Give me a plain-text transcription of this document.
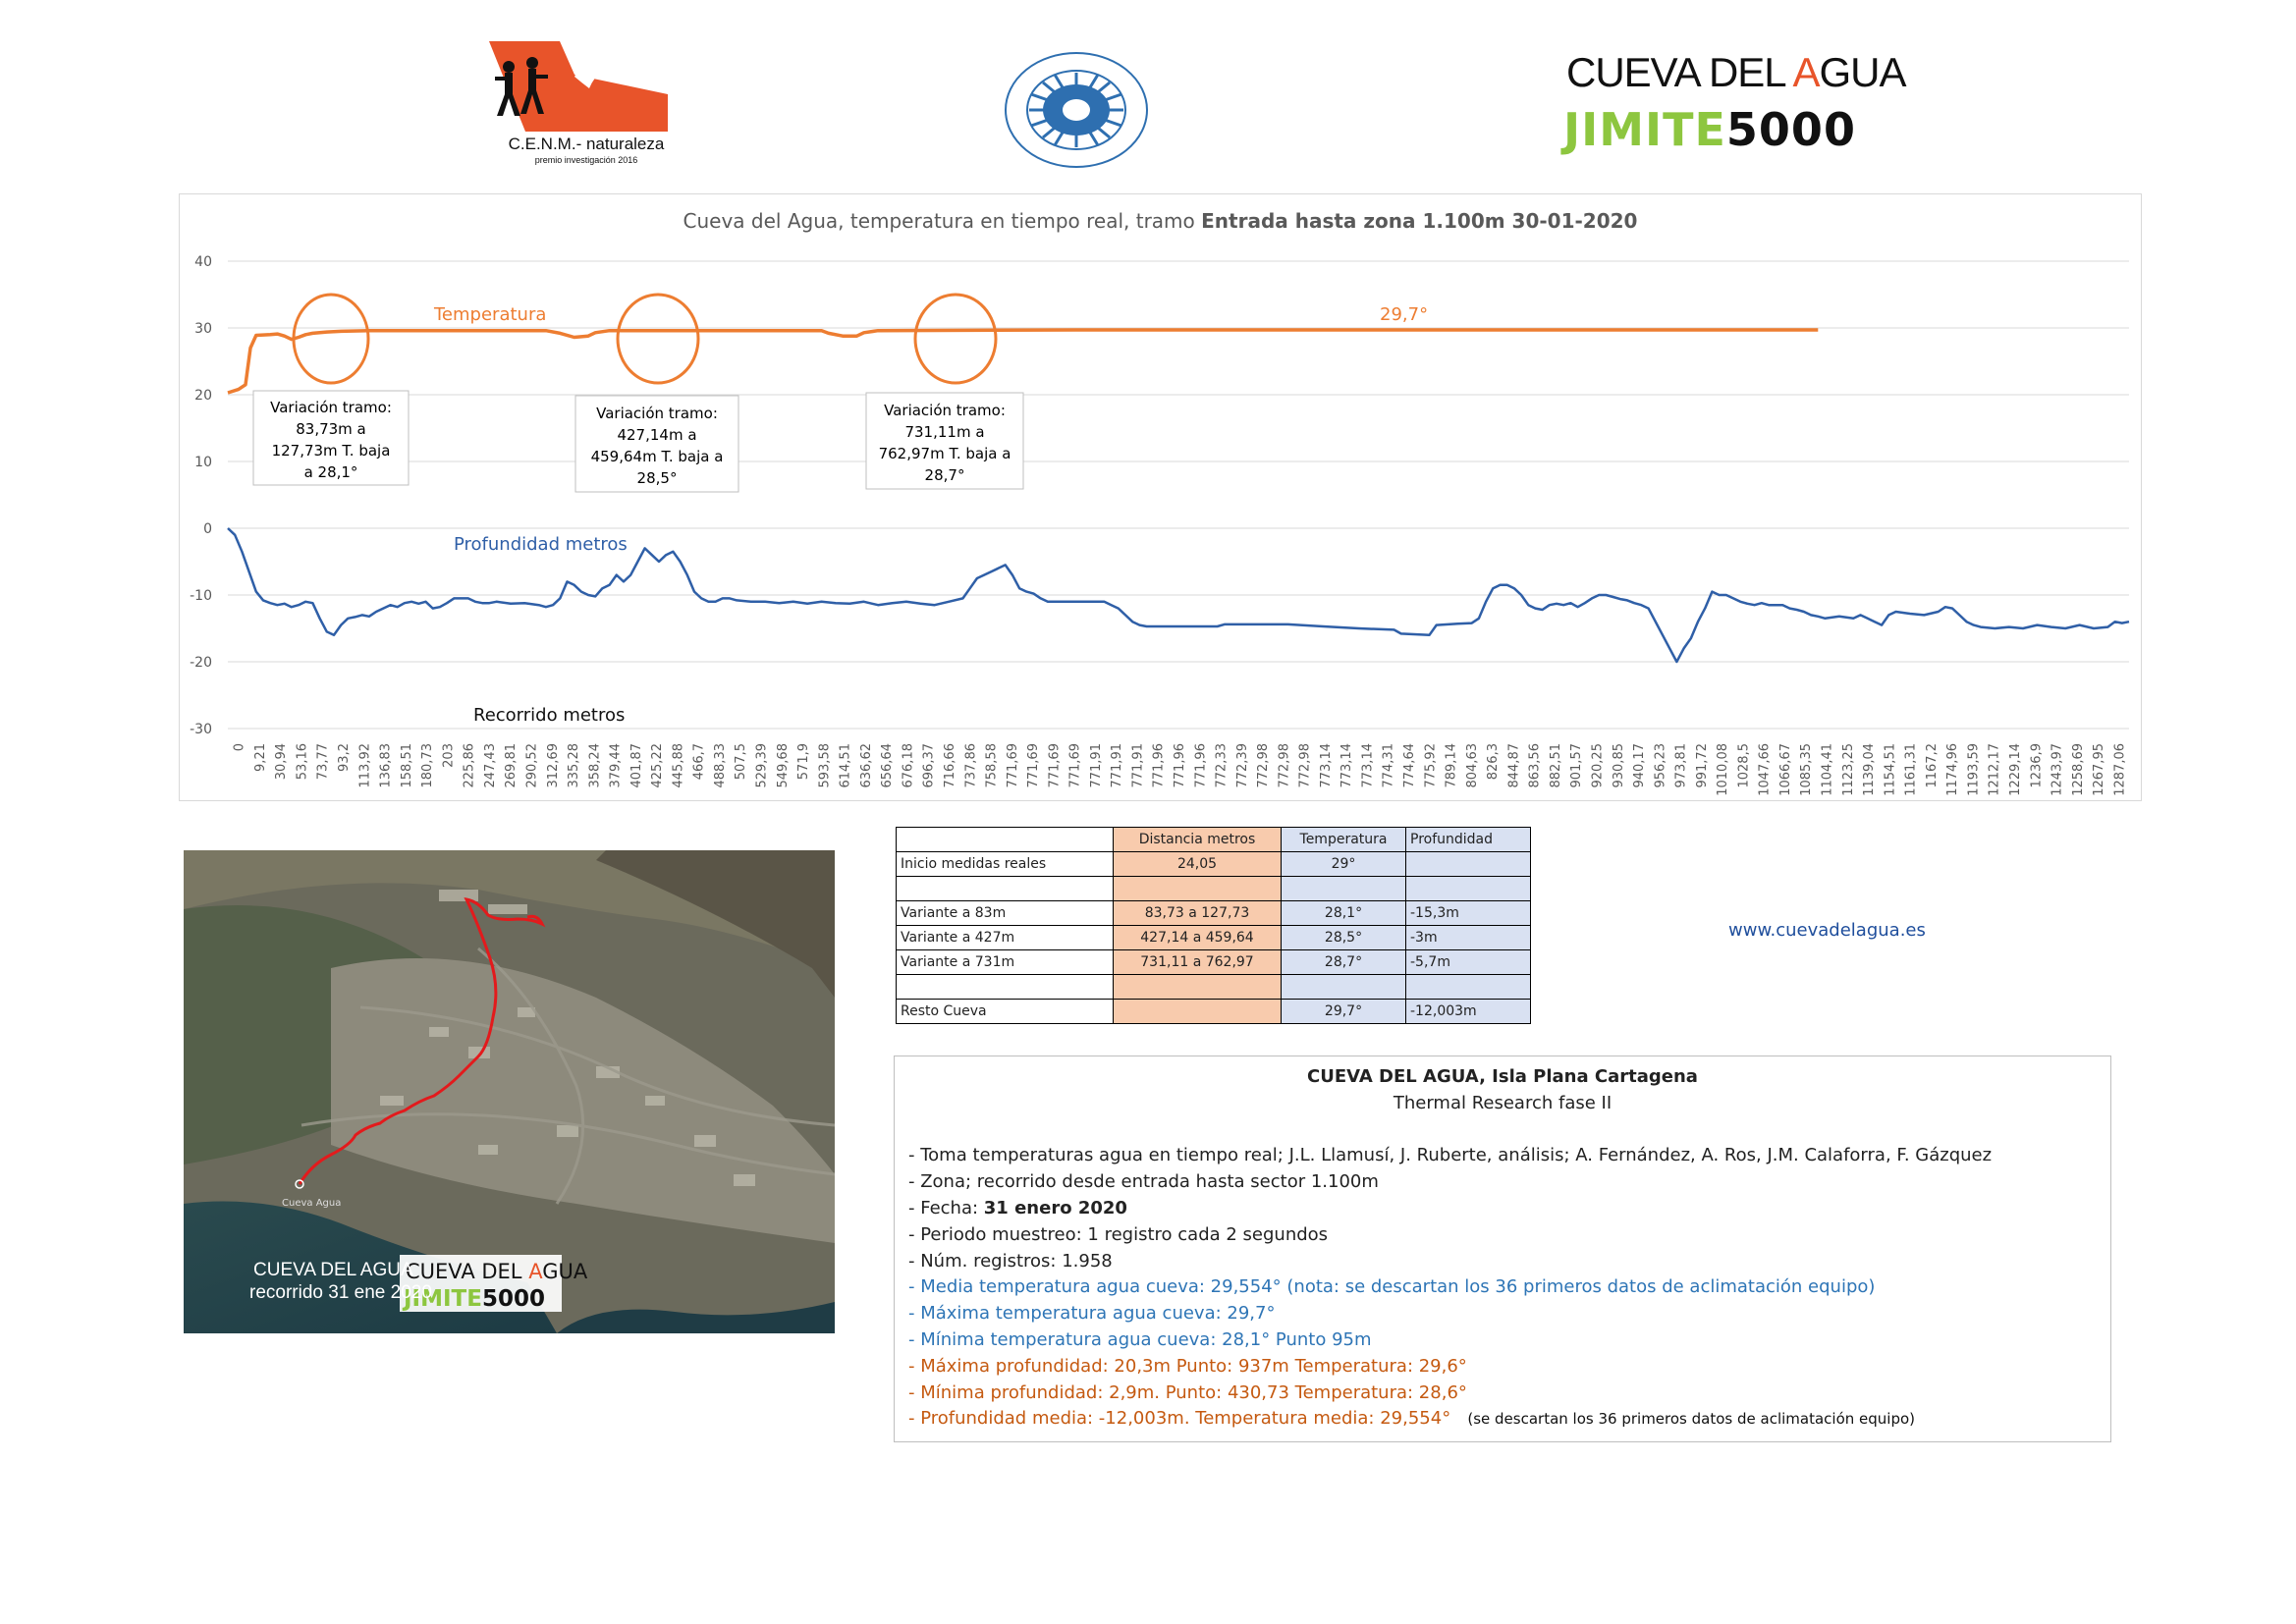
C.E.N.M.- naturaleza
premio investigación 2016
CUEVA DEL AGUA
JIMITE5000
Cueva del Agua, temperatura en tiempo real, tramo Entrada hasta zona 1.100m 30-01-2020
40
30
20
10
0
-10
-20
-30
0 9,21 30,94 53,16 73,77 93,2 113,92 136,83 158,51 180,73 203 225,86 247,43 269,81 290,52 312,69 335,28 358,24 379,44 401,87 425,22 445,88 466,7 488,33 507,5 529,39 549,68 571,9 593,58 614,51 636,62 656,64 676,18 696,37 716,66 737,86 758,58 771,69 771,69 771,69 771,69 771,91 771,91 771,91 771,96 771,96 771,96 772,33 772,39 772,98 772,98 772,98 773,14 773,14 773,14 774,31 774,64 775,92 789,14 804,63 826,3 844,87 863,56 882,51 901,57 920,25 930,85 940,17 956,23 973,81 991,72 1010,08 1028,5 1047,66 1066,67 1085,35 1104,41 1123,25 1139,04 1154,51 1161,31 1167,2 1174,96 1193,59 1212,17 1229,14 1236,9 1243,97 1258,69 1267,95 1287,06
Temperatura	29,7°
Profundidad metros
Recorrido metros
Variación tramo:
83,73m a
127,73m T. baja
a 28,1°
Variación tramo:
427,14m a
459,64m T. baja a
28,5°
Variación tramo:
731,11m a
762,97m T. baja a
28,7°
Cueva Agua
CUEVA DEL AGUA
JIMITE5000
CUEVA DEL AGUA
recorrido 31 ene 2020
	Distancia metros	Temperatura	Profundidad
Inicio medidas reales	24,05	29°	

Variante a 83m	83,73 a 127,73	28,1°	-15,3m
Variante a 427m	427,14 a 459,64	28,5°	-3m
Variante a 731m	731,11 a 762,97	28,7°	-5,7m

Resto Cueva		29,7°	-12,003m
www.cuevadelagua.es
CUEVA DEL AGUA, Isla Plana Cartagena
Thermal Research fase II
- Toma temperaturas agua en tiempo real; J.L. Llamusí, J. Ruberte, análisis; A. Fernández, A. Ros, J.M. Calaforra, F. Gázquez
- Zona; recorrido desde entrada hasta sector 1.100m
- Fecha: 31 enero 2020
- Periodo muestreo: 1 registro cada 2 segundos
- Núm. registros: 1.958
- Media temperatura agua cueva: 29,554° (nota: se descartan los 36 primeros datos de aclimatación equipo)
- Máxima temperatura agua cueva: 29,7°
- Mínima temperatura agua cueva: 28,1° Punto 95m
- Máxima profundidad: 20,3m Punto: 937m Temperatura: 29,6°
- Mínima profundidad: 2,9m. Punto: 430,73 Temperatura: 28,6°
- Profundidad media: -12,003m. Temperatura media: 29,554° (se descartan los 36 primeros datos de aclimatación equipo)
